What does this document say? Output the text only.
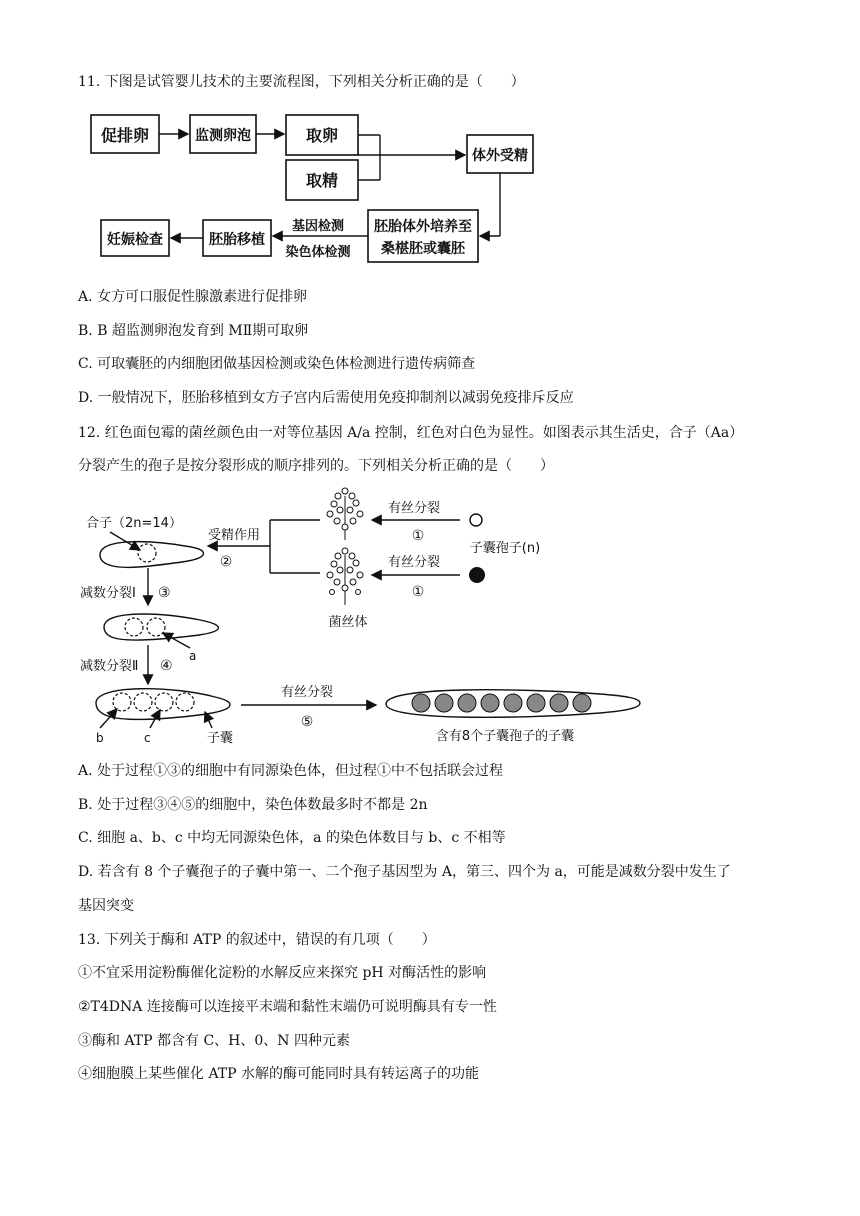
11. 下图是试管婴儿技术的主要流程图，下列相关分析正确的是（　　）
促排卵	监测卵泡	取卵
取精
体外受精
胚胎体外培养至
桑椹胚或囊胚
胚胎移植
妊娠检查
基因检测
染色体检测
A. 女方可口服促性腺激素进行促排卵
B. B 超监测卵泡发育到 MⅡ期可取卵
C. 可取囊胚的内细胞团做基因检测或染色体检测进行遗传病筛查
D. 一般情况下，胚胎移植到女方子宫内后需使用免疫抑制剂以减弱免疫排斥反应
12. 红色面包霉的菌丝颜色由一对等位基因 A/a 控制，红色对白色为显性。如图表示其生活史，合子（Aa）
分裂产生的孢子是按分裂形成的顺序排列的。下列相关分析正确的是（　　）
合子（2n=14）
受精作用
②
菌丝体
有丝分裂
①
子囊孢子(n)
有丝分裂
①
减数分裂Ⅰ ③
a
减数分裂Ⅱ ④
b	c	子囊
有丝分裂
⑤
含有8个子囊孢子的子囊
A. 处于过程①③的细胞中有同源染色体，但过程①中不包括联会过程
B. 处于过程③④⑤的细胞中，染色体数最多时不都是 2n
C. 细胞 a、b、c 中均无同源染色体，a 的染色体数目与 b、c 不相等
D. 若含有 8 个子囊孢子的子囊中第一、二个孢子基因型为 A，第三、四个为 a，可能是减数分裂中发生了
基因突变
13. 下列关于酶和 ATP 的叙述中，错误的有几项（　　）
①不宜采用淀粉酶催化淀粉的水解反应来探究 pH 对酶活性的影响
②T4DNA 连接酶可以连接平末端和黏性末端仍可说明酶具有专一性
③酶和 ATP 都含有 C、H、0、N 四种元素
④细胞膜上某些催化 ATP 水解的酶可能同时具有转运离子的功能
